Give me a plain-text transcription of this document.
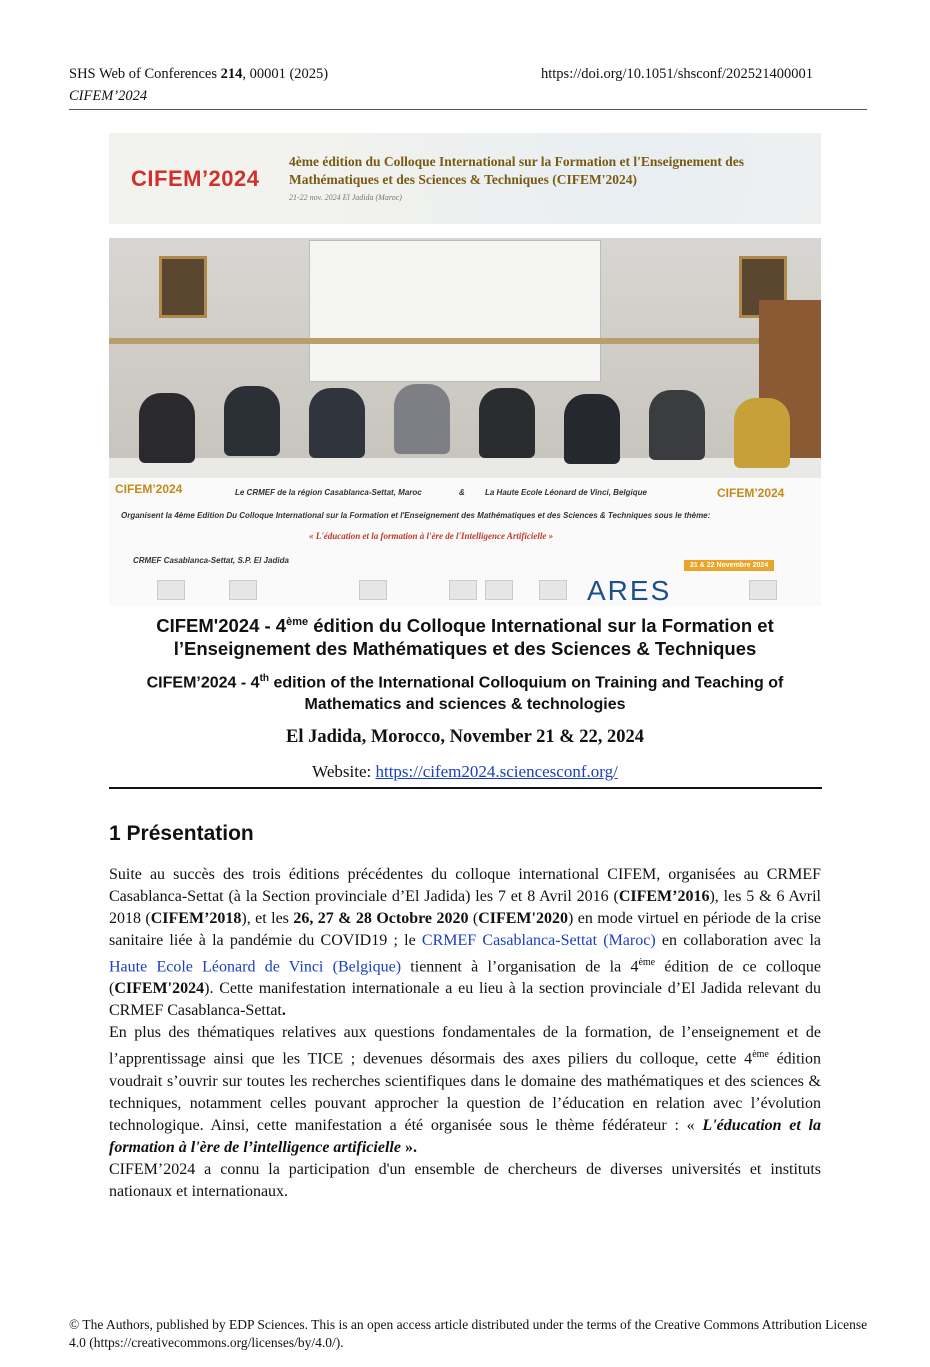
SHS Web of Conferences 214, 00001 (2025)
CIFEM’2024
https://doi.org/10.1051/shsconf/202521400001
CIFEM’2024
4ème édition du Colloque International sur la Formation et l'Enseignement des Mathématiques et des Sciences & Techniques (CIFEM'2024)
21-22 nov. 2024 El Jadida (Maroc)
CIFEM’2024	CIFEM’2024
Le CRMEF de la région Casablanca-Settat, Maroc	&	La Haute Ecole Léonard de Vinci, Belgique
Organisent la 4ème Edition Du Colloque International sur la Formation et l'Enseignement des Mathématiques et des Sciences & Techniques sous le thème:
« L'éducation et la formation à l'ère de l'Intelligence Artificielle »
CRMEF Casablanca-Settat, S.P. El Jadida
21 & 22 Novembre 2024
ARES
CIFEM'2024 - 4ème édition du Colloque International sur la Formation et l’Enseignement des Mathématiques et des Sciences & Techniques
CIFEM’2024 - 4th edition of the International Colloquium on Training and Teaching of Mathematics and sciences & technologies
El Jadida, Morocco, November 21 & 22, 2024
Website: https://cifem2024.sciencesconf.org/
1 Présentation

Suite au succès des trois éditions précédentes du colloque international CIFEM, organisées au CRMEF Casablanca-Settat (à la Section provinciale d’El Jadida) les 7 et 8 Avril 2016 (CIFEM’2016), les 5 & 6 Avril 2018 (CIFEM’2018), et les 26, 27 & 28 Octobre 2020 (CIFEM'2020) en mode virtuel en période de la crise sanitaire liée à la pandémie du COVID19 ; le CRMEF Casablanca-Settat (Maroc) en collaboration avec la Haute Ecole Léonard de Vinci (Belgique) tiennent à l’organisation de la 4ème édition de ce colloque (CIFEM'2024). Cette manifestation internationale a eu lieu à la section provinciale d’El Jadida relevant du CRMEF Casablanca-Settat.

En plus des thématiques relatives aux questions fondamentales de la formation, de l’enseignement et de l’apprentissage ainsi que les TICE ; devenues désormais des axes piliers du colloque, cette 4ème édition voudrait s’ouvrir sur toutes les recherches scientifiques dans le domaine des mathématiques et des sciences & techniques, notamment celles pouvant approcher la question de l’éducation en relation avec l’évolution technologique. Ainsi, cette manifestation a été organisée sous le thème fédérateur : « L'éducation et la formation à l'ère de l’intelligence artificielle ».

CIFEM’2024 a connu la participation d'un ensemble de chercheurs de diverses universités et instituts nationaux et internationaux.

© The Authors, published by EDP Sciences. This is an open access article distributed under the terms of the Creative Commons Attribution License 4.0 (https://creativecommons.org/licenses/by/4.0/).
